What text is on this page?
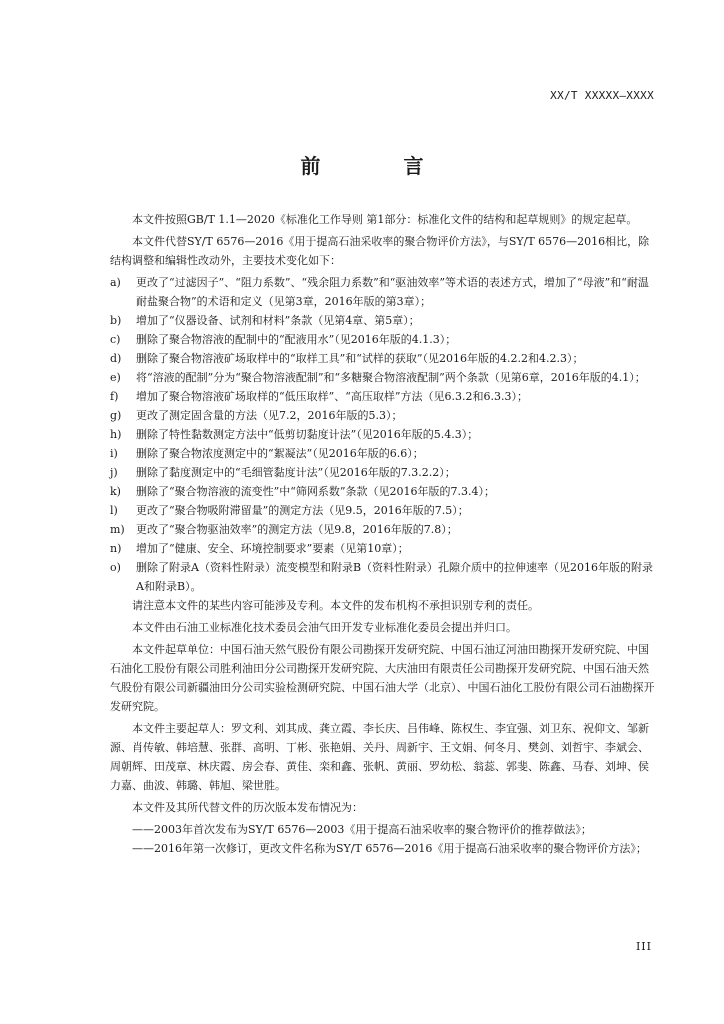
XX/T XXXXX—XXXX
前 言

本文件按照GB/T 1.1—2020《标准化工作导则 第1部分：标准化文件的结构和起草规则》的规定起草。

本文件代替SY/T 6576—2016《用于提高石油采收率的聚合物评价方法》，与SY/T 6576—2016相比，除结构调整和编辑性改动外，主要技术变化如下：

a)	更改了“过滤因子”、“阻力系数”、“残余阻力系数”和“驱油效率”等术语的表述方式，增加了“母液”和“耐温耐盐聚合物”的术语和定义（见第3章，2016年版的第3章）；
b)	增加了“仪器设备、试剂和材料”条款（见第4章、第5章）；
c)	删除了聚合物溶液的配制中的“配液用水”（见2016年版的4.1.3）；
d)	删除了聚合物溶液矿场取样中的“取样工具”和“试样的获取”（见2016年版的4.2.2和4.2.3）；
e)	将“溶液的配制”分为“聚合物溶液配制”和“多糖聚合物溶液配制”两个条款（见第6章，2016年版的4.1）；
f)	增加了聚合物溶液矿场取样的“低压取样”、“高压取样”方法（见6.3.2和6.3.3）；
g)	更改了测定固含量的方法（见7.2，2016年版的5.3）；
h)	删除了特性黏数测定方法中“低剪切黏度计法”（见2016年版的5.4.3）；
i)	删除了聚合物浓度测定中的“絮凝法”（见2016年版的6.6）；
j)	删除了黏度测定中的“毛细管黏度计法”（见2016年版的7.3.2.2）；
k)	删除了“聚合物溶液的流变性”中“筛网系数”条款（见2016年版的7.3.4）；
l)	更改了“聚合物吸附滞留量”的测定方法（见9.5，2016年版的7.5）；
m)	更改了“聚合物驱油效率”的测定方法（见9.8，2016年版的7.8）；
n)	增加了“健康、安全、环境控制要求”要素（见第10章）；
o)	删除了附录A（资料性附录）流变模型和附录B（资料性附录）孔隙介质中的拉伸速率（见2016年版的附录A和附录B）。

请注意本文件的某些内容可能涉及专利。本文件的发布机构不承担识别专利的责任。

本文件由石油工业标准化技术委员会油气田开发专业标准化委员会提出并归口。

本文件起草单位：中国石油天然气股份有限公司勘探开发研究院、中国石油辽河油田勘探开发研究院、中国石油化工股份有限公司胜利油田分公司勘探开发研究院、大庆油田有限责任公司勘探开发研究院、中国石油天然气股份有限公司新疆油田分公司实验检测研究院、中国石油大学（北京）、中国石油化工股份有限公司石油勘探开发研究院。

本文件主要起草人：罗文利、刘其成、龚立霞、李长庆、吕伟峰、陈权生、李宜强、刘卫东、祝仰文、邹新源、肖传敏、韩培慧、张群、高明、丁彬、张艳娟、关丹、周新宇、王文娟、何冬月、樊剑、刘哲宇、李斌会、周朝辉、田茂章、林庆霞、房会春、黄佳、栾和鑫、张帆、黄丽、罗幼松、翁蕊、郭斐、陈鑫、马春、刘坤、侯力嘉、曲波、韩璐、韩旭、梁世胜。

本文件及其所代替文件的历次版本发布情况为：

——2003年首次发布为SY/T 6576—2003《用于提高石油采收率的聚合物评价的推荐做法》；

——2016年第一次修订，更改文件名称为SY/T 6576—2016《用于提高石油采收率的聚合物评价方法》；

III
